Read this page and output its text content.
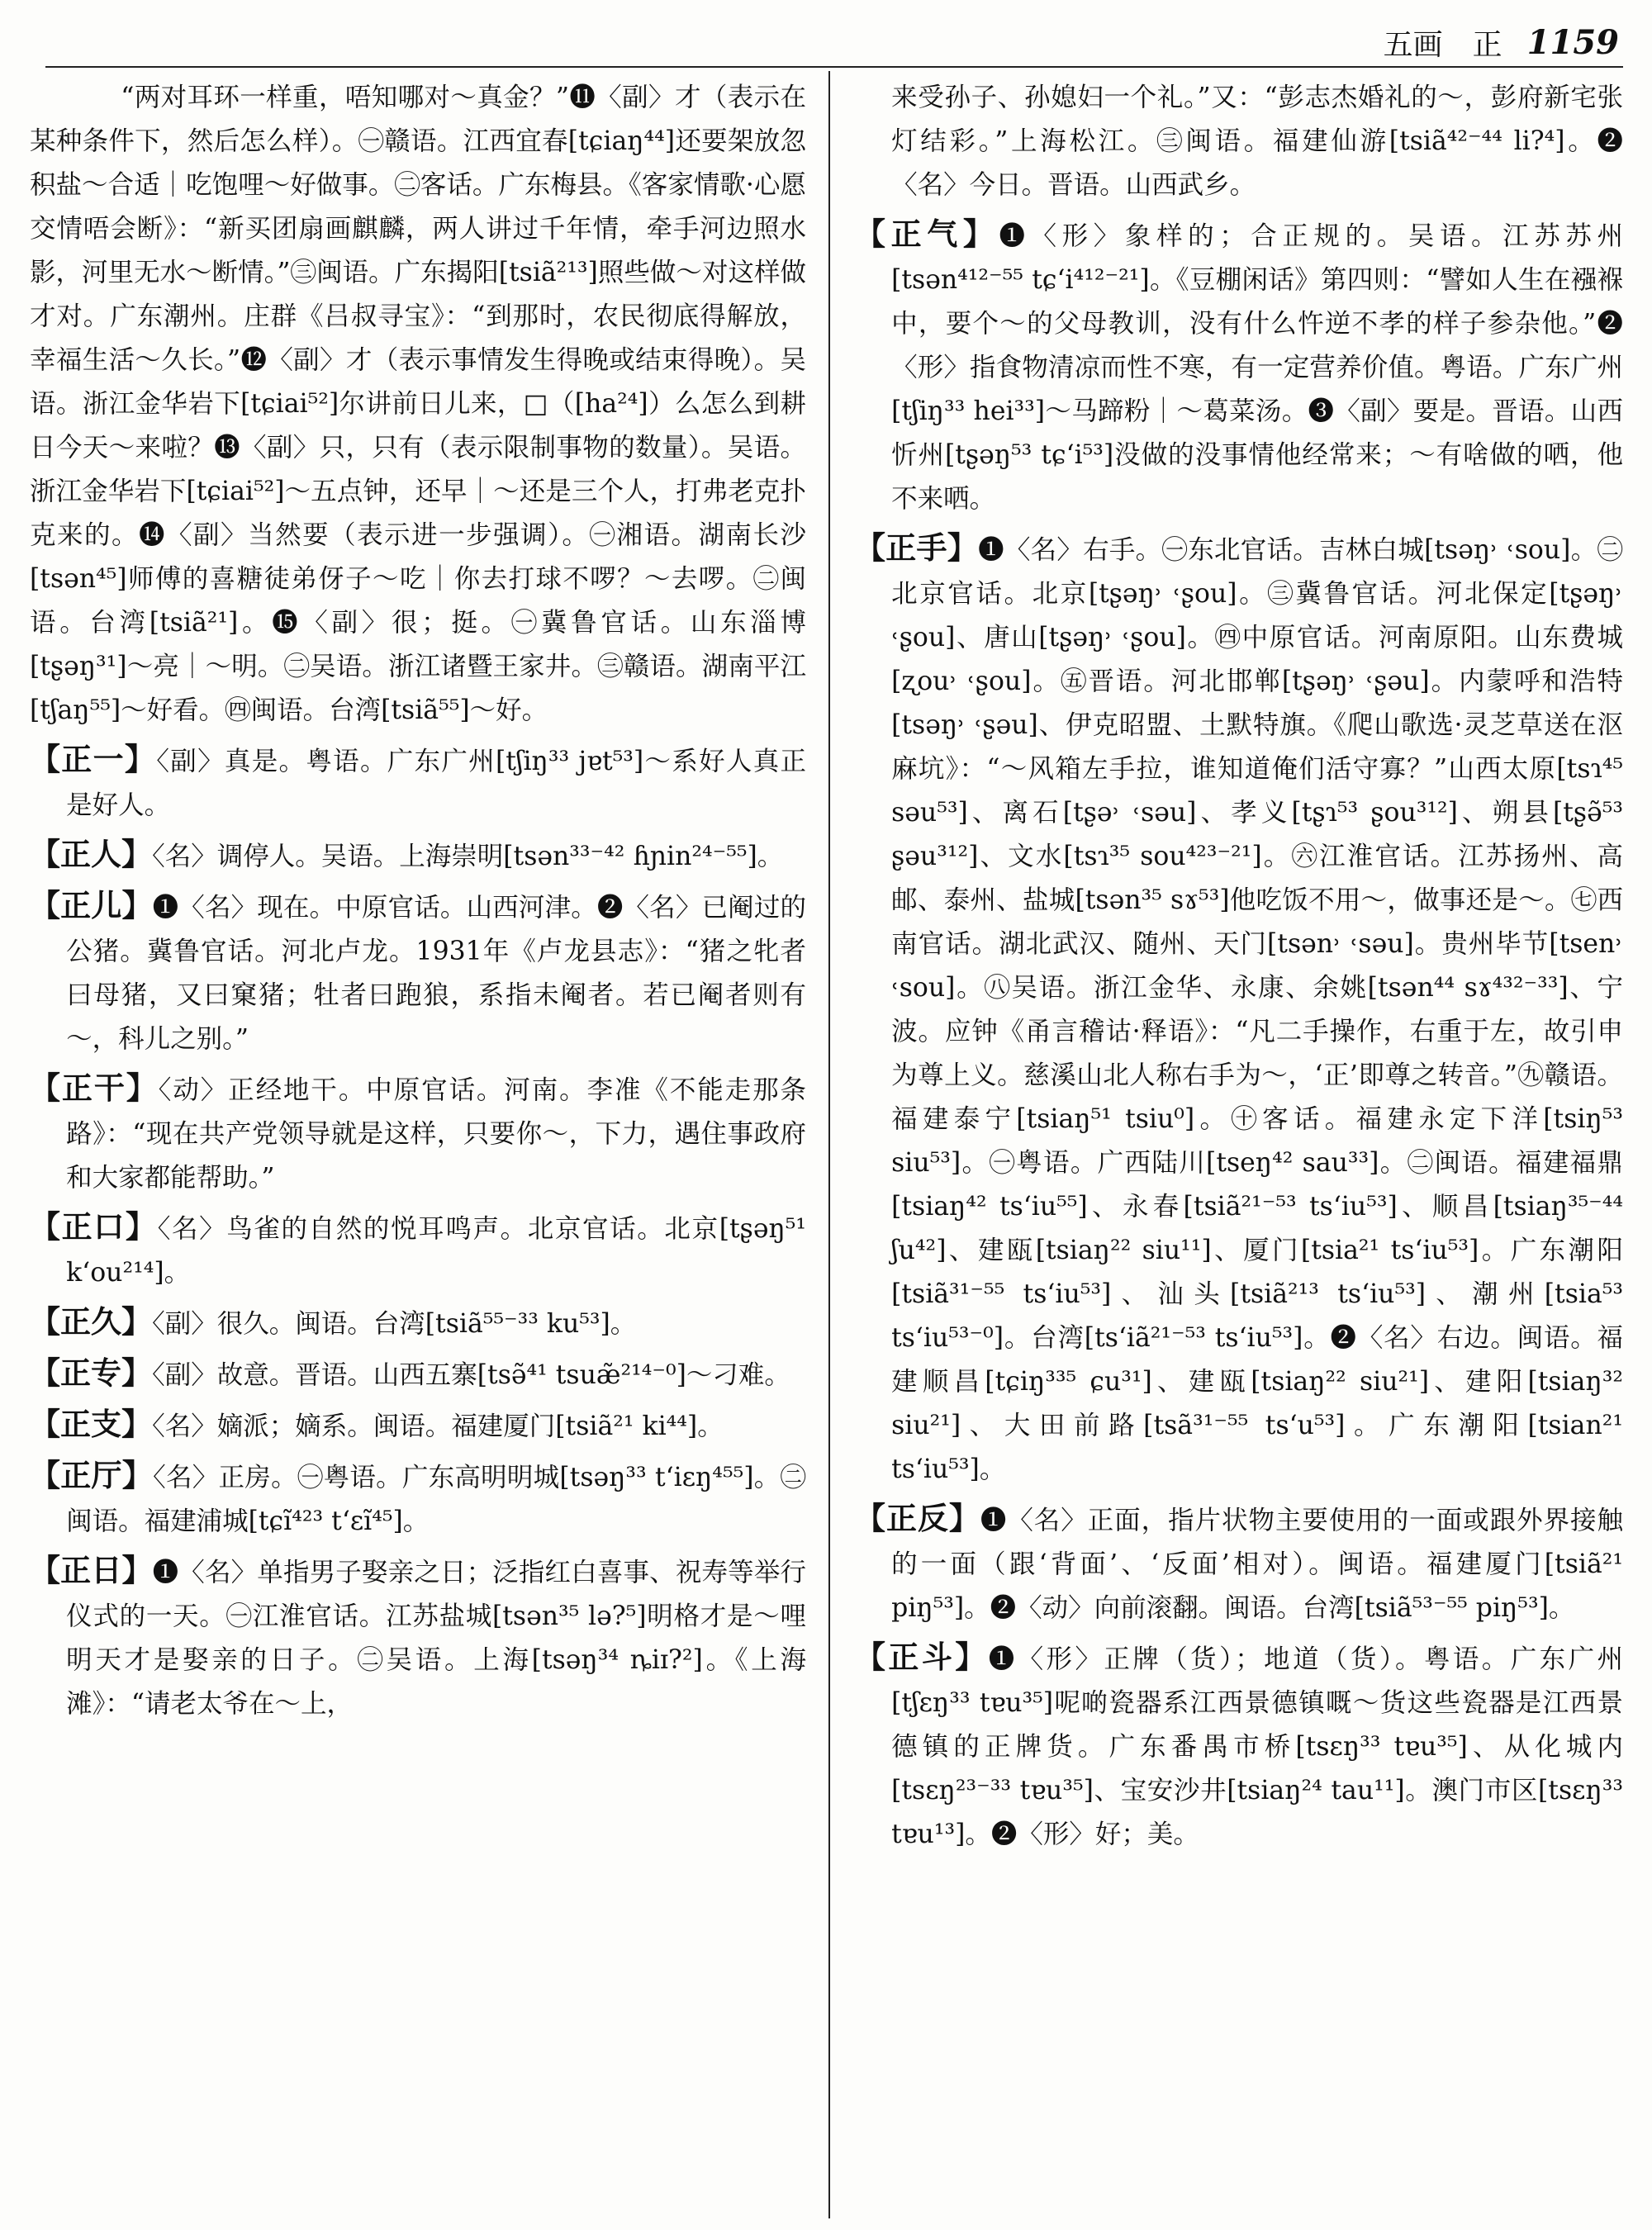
五画　正 1159

“两对耳环一样重，唔知哪对～真金？”⓫〈副〉才（表示在某种条件下，然后怎么样）。㊀赣语。江西宜春[tɕiaŋ⁴⁴]还要架放忽积盐～合适｜吃饱哩～好做事。㊁客话。广东梅县。《客家情歌·心愿交情唔会断》：“新买团扇画麒麟，两人讲过千年情，牵手河边照水影，河里无水～断情。”㊂闽语。广东揭阳[tsiã²¹³]照些做～对这样做才对。广东潮州。庄群《吕叔寻宝》：“到那时，农民彻底得解放，幸福生活～久长。”⓬〈副〉才（表示事情发生得晚或结束得晚）。吴语。浙江金华岩下[tɕiai⁵²]尔讲前日儿来，□（[ha²⁴]）么怎么到耕日今天～来啦？⓭〈副〉只，只有（表示限制事物的数量）。吴语。浙江金华岩下[tɕiai⁵²]～五点钟，还早｜～还是三个人，打弗老克扑克来的。⓮〈副〉当然要（表示进一步强调）。㊀湘语。湖南长沙[tsən⁴⁵]师傅的喜糖徒弟伢子～吃｜你去打球不啰？～去啰。㊁闽语。台湾[tsiã²¹]。⓯〈副〉很；挺。㊀冀鲁官话。山东淄博[tʂəŋ³¹]～亮｜～明。㊁吴语。浙江诸暨王家井。㊂赣语。湖南平江[tʃaŋ⁵⁵]～好看。㊃闽语。台湾[tsiã⁵⁵]～好。

【正一】〈副〉真是。粤语。广东广州[tʃiŋ³³ jɐt⁵³]～系好人真正是好人。

【正人】〈名〉调停人。吴语。上海崇明[tsən³³⁻⁴² ɦɲin²⁴⁻⁵⁵]。

【正儿】❶〈名〉现在。中原官话。山西河津。❷〈名〉已阉过的公猪。冀鲁官话。河北卢龙。1931年《卢龙县志》：“猪之牝者曰母猪，又曰窠猪；牡者曰跑狼，系指未阉者。若已阉者则有～，科儿之别。”

【正干】〈动〉正经地干。中原官话。河南。李准《不能走那条路》：“现在共产党领导就是这样，只要你～，下力，遇住事政府和大家都能帮助。”

【正口】〈名〉鸟雀的自然的悦耳鸣声。北京官话。北京[tʂəŋ⁵¹ k‘ou²¹⁴]。

【正久】〈副〉很久。闽语。台湾[tsiã⁵⁵⁻³³ ku⁵³]。

【正专】〈副〉故意。晋语。山西五寨[tsə̃⁴¹ tsuæ̃²¹⁴⁻⁰]～刁难。

【正支】〈名〉嫡派；嫡系。闽语。福建厦门[tsiã²¹ ki⁴⁴]。

【正厅】〈名〉正房。㊀粤语。广东高明明城[tsəŋ³³ t‘iɛŋ⁴⁵⁵]。㊁闽语。福建浦城[tɕĩ⁴²³ t‘ɛĩ⁴⁵]。

【正日】❶〈名〉单指男子娶亲之日；泛指红白喜事、祝寿等举行仪式的一天。㊀江淮官话。江苏盐城[tsən³⁵ lə?⁵]明格才是～哩明天才是娶亲的日子。㊁吴语。上海[tsəŋ³⁴ ȵiɪ?²]。《上海滩》：“请老太爷在～上，

来受孙子、孙媳妇一个礼。”又：“彭志杰婚礼的～，彭府新宅张灯结彩。”上海松江。㊂闽语。福建仙游[tsiã⁴²⁻⁴⁴ li?⁴]。❷〈名〉今日。晋语。山西武乡。

【正气】❶〈形〉象样的；合正规的。吴语。江苏苏州[tsən⁴¹²⁻⁵⁵ tɕ‘i⁴¹²⁻²¹]。《豆棚闲话》第四则：“譬如人生在襁褓中，要个～的父母教训，没有什么忤逆不孝的样子参杂他。”❷〈形〉指食物清凉而性不寒，有一定营养价值。粤语。广东广州[tʃiŋ³³ hei³³]～马蹄粉｜～葛菜汤。❸〈副〉要是。晋语。山西忻州[tʂəŋ⁵³ tɕ‘i⁵³]没做的没事情他经常来；～有啥做的哂，他不来哂。

【正手】❶〈名〉右手。㊀东北官话。吉林白城[tsəŋ˒ ˓sou]。㊁北京官话。北京[tʂəŋ˒ ˓ʂou]。㊂冀鲁官话。河北保定[tʂəŋ˒ ˓ʂou]、唐山[tʂəŋ˒ ˓ʂou]。㊃中原官话。河南原阳。山东费城[ʐou˒ ˓ʂou]。㊄晋语。河北邯郸[tʂəŋ˒ ˓ʂəu]。内蒙呼和浩特[tsəŋ˒ ˓ʂəu]、伊克昭盟、土默特旗。《爬山歌选·灵芝草送在沤麻坑》：“～风箱左手拉，谁知道俺们活守寡？”山西太原[tsɿ⁴⁵ səu⁵³]、离石[tʂə˒ ˓səu]、孝义[tʂɿ⁵³ ʂou³¹²]、朔县[tʂə̃⁵³ ʂəu³¹²]、文水[tsɿ³⁵ sou⁴²³⁻²¹]。㊅江淮官话。江苏扬州、高邮、泰州、盐城[tsən³⁵ sɤ⁵³]他吃饭不用～，做事还是～。㊆西南官话。湖北武汉、随州、天门[tsən˒ ˓səu]。贵州毕节[tsen˒ ˓sou]。㊇吴语。浙江金华、永康、余姚[tsən⁴⁴ sɤ⁴³²⁻³³]、宁波。应钟《甬言稽诂·释语》：“凡二手操作，右重于左，故引申为尊上义。慈溪山北人称右手为～，‘正’即尊之转音。”㊈赣语。福建泰宁[tsiaŋ⁵¹ tsiu⁰]。㊉客话。福建永定下洋[tsiŋ⁵³ siu⁵³]。㊀粤语。广西陆川[tseŋ⁴² sau³³]。㊁闽语。福建福鼎[tsiaŋ⁴² ts‘iu⁵⁵]、永春[tsiã²¹⁻⁵³ ts‘iu⁵³]、顺昌[tsiaŋ³⁵⁻⁴⁴ ʃu⁴²]、建瓯[tsiaŋ²² siu¹¹]、厦门[tsia²¹ ts‘iu⁵³]。广东潮阳[tsiã³¹⁻⁵⁵ ts‘iu⁵³]、汕头[tsiã²¹³ ts‘iu⁵³]、潮州[tsia⁵³ ts‘iu⁵³⁻⁰]。台湾[ts‘iã²¹⁻⁵³ ts‘iu⁵³]。❷〈名〉右边。闽语。福建顺昌[tɕiŋ³³⁵ ɕu³¹]、建瓯[tsiaŋ²² siu²¹]、建阳[tsiaŋ³² siu²¹]、大田前路[tsã³¹⁻⁵⁵ ts‘u⁵³]。广东潮阳[tsian²¹ ts‘iu⁵³]。

【正反】❶〈名〉正面，指片状物主要使用的一面或跟外界接触的一面（跟‘背面’、‘反面’相对）。闽语。福建厦门[tsiã²¹ piŋ⁵³]。❷〈动〉向前滚翻。闽语。台湾[tsiã⁵³⁻⁵⁵ piŋ⁵³]。

【正斗】❶〈形〉正牌（货）；地道（货）。粤语。广东广州[tʃɛŋ³³ tɐu³⁵]呢啲瓷器系江西景德镇嘅～货这些瓷器是江西景德镇的正牌货。广东番禺市桥[tsɛŋ³³ tɐu³⁵]、从化城内[tsɛŋ²³⁻³³ tɐu³⁵]、宝安沙井[tsiaŋ²⁴ tau¹¹]。澳门市区[tsɛŋ³³ tɐu¹³]。❷〈形〉好；美。
